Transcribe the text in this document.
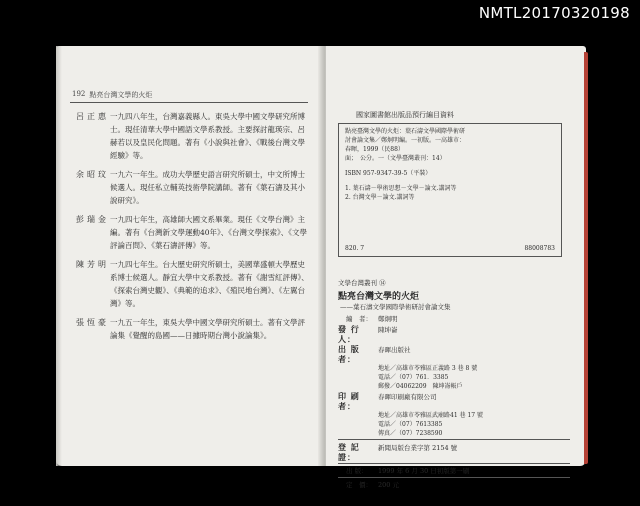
NMTL20170320198
192 點亮台灣文學的火炬
呂正惠 一九四八年生，台灣嘉義縣人。東吳大學中國文學研究所博士。現任清華大學中國語文學系教授。主要探討龍瑛宗、呂赫若以及皇民化問題。著有《小說與社會》、《戰後台灣文學經驗》等。
余昭玟 一九六一年生。成功大學歷史語言研究所碩士，中文所博士候選人。現任私立輔英技術學院講師。著有《葉石濤及其小說研究》。
彭瑞金 一九四七年生，高雄師大國文系畢業。現任《文學台灣》主編。著有《台灣新文學運動40年》、《台灣文學探索》、《文學評論百問》、《葉石濤評傳》等。
陳芳明 一九四七年生。台大歷史研究所碩士，美國華盛頓大學歷史系博士候選人。靜宜大學中文系教授。著有《謝雪紅評傳》、《探索台灣史觀》、《典範的追求》、《殖民地台灣》、《左翼台灣》等。
張恆豪 一九五一年生，東吳大學中國文學研究所碩士。著有文學評論集《覺醒的島國——日據時期台灣小說論集》。
國家圖書館出版品預行編目資料
點亮臺灣文學的火炬：葉石濤文學國際學術研
討會論文集／鄭炯明編。一初版。一高雄市：
春暉，1999（民88）
面；　公分。一（文學臺灣叢刊：14）
ISBN 957-9347-39-5（平裝）
1. 葉石濤－學術思想－文學－論文.講詞等
2. 台灣文學－論文.講詞等
820. 7	88008783
文學台灣叢刊 ⑭
點亮台灣文學的火炬
——葉石濤文學國際學術研討會論文集
編　者： 鄭炯明
發 行 人：
陳坤崙
出 版 者：
春暉出版社
地址／高雄市苓雅區正義路 3 巷 8 號
電話／（07）761．3385
郵撥／04062209　陳坤崙帳戶
印 刷 者：
春暉印刷廠有限公司
地址／高雄市苓雅區武廟路41 巷 17 號
電話／（07）7613385
傳真／（07）7238590
登 記 證：
新聞局版台業字第 2154 號
出 版：	1999 年 6 月 30 日初版第一刷
定　價： 200 元
